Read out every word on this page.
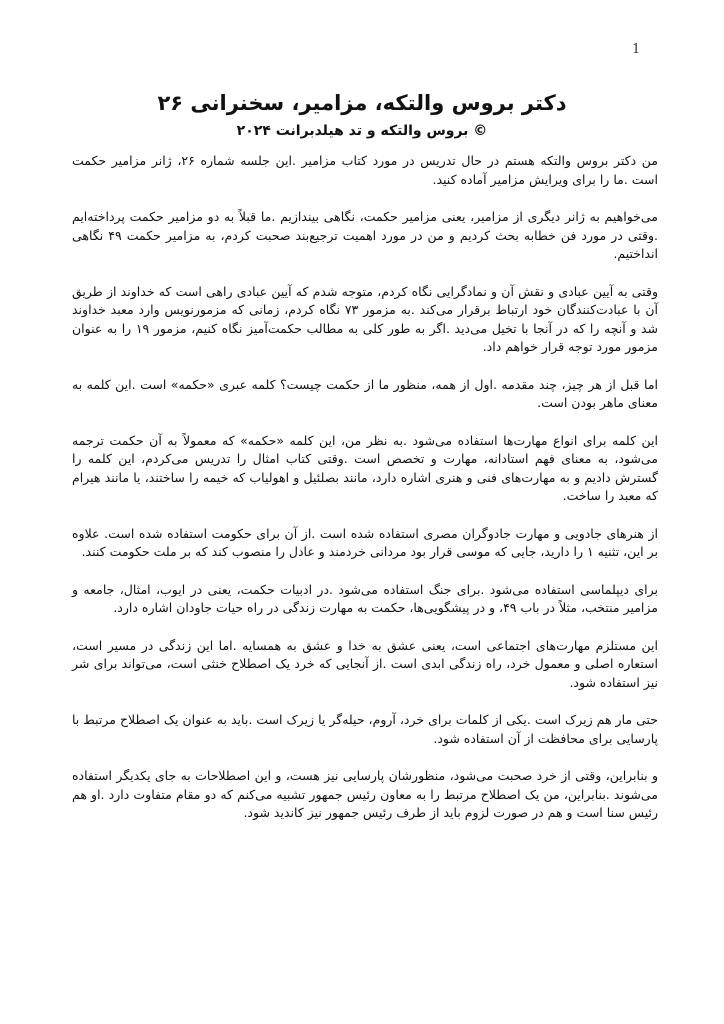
1
دکتر بروس والتکه، مزامیر، سخنرانی ۲۶
© بروس والتکه و تد هیلدبرانت ۲۰۲۴

من دکتر بروس والتکه هستم در حال تدریس در مورد کتاب مزامیر .این جلسه شماره ۲۶، ژانر مزامیر حکمت است .ما را برای ویرایش مزامیر آماده کنید.

می‌خواهیم به ژانر دیگری از مزامیر، یعنی مزامیر حکمت، نگاهی بیندازیم .ما قبلاً به دو مزامیر حکمت پرداخته‌ایم .وقتی در مورد فن خطابه بحث کردیم و من در مورد اهمیت ترجیع‌بند صحبت کردم، به مزامیر حکمت ۴۹ نگاهی انداختیم.

وقتی به آیین عبادی و نقش آن و نمادگرایی نگاه کردم، متوجه شدم که آیین عبادی راهی است که خداوند از طریق آن با عبادت‌کنندگان خود ارتباط برقرار می‌کند .به مزمور ۷۳ نگاه کردم، زمانی که مزمورنویس وارد معبد خداوند شد و آنچه را که در آنجا با تخیل می‌دید .اگر به طور کلی به مطالب حکمت‌آمیز نگاه کنیم، مزمور ۱۹ را به عنوان مزمور مورد توجه قرار خواهم داد.

اما قبل از هر چیز، چند مقدمه .اول از همه، منظور ما از حکمت چیست؟ کلمه عبری «حکمه» است .این کلمه به معنای ماهر بودن است.

این کلمه برای انواع مهارت‌ها استفاده می‌شود .به نظر من، این کلمه «حکمه» که معمولاً به آن حکمت ترجمه می‌شود، به معنای فهم استادانه، مهارت و تخصص است .وقتی کتاب امثال را تدریس می‌کردم، این کلمه را گسترش دادیم و به مهارت‌های فنی و هنری اشاره دارد، مانند بصلئیل و اهولیاب که خیمه را ساختند، یا مانند هیرام که معبد را ساخت.

از هنرهای جادویی و مهارت جادوگران مصری استفاده شده است .از آن برای حکومت استفاده شده است. علاوه بر این، تثنیه ۱ را دارید، جایی که موسی قرار بود مردانی خردمند و عادل را منصوب کند که بر ملت حکومت کنند.

برای دیپلماسی استفاده می‌شود .برای جنگ استفاده می‌شود .در ادبیات حکمت، یعنی در ایوب، امثال، جامعه و مزامیر منتخب، مثلاً در باب ۴۹، و در پیشگویی‌ها، حکمت به مهارت زندگی در راه حیات جاودان اشاره دارد.

این مستلزم مهارت‌های اجتماعی است، یعنی عشق به خدا و عشق به همسایه .اما این زندگی در مسیر است، استعاره اصلی و معمول خرد، راه زندگی ابدی است .از آنجایی که خرد یک اصطلاح خنثی است، می‌تواند برای شر نیز استفاده شود.

حتی مار هم زیرک است .یکی از کلمات برای خرد، آروم، حیله‌گر یا زیرک است .باید به عنوان یک اصطلاح مرتبط با پارسایی برای محافظت از آن استفاده شود.

و بنابراین، وقتی از خرد صحبت می‌شود، منظورشان پارسایی نیز هست، و این اصطلاحات به جای یکدیگر استفاده می‌شوند .بنابراین، من یک اصطلاح مرتبط را به معاون رئیس جمهور تشبیه می‌کنم که دو مقام متفاوت دارد .او هم رئیس سنا است و هم در صورت لزوم باید از طرف رئیس جمهور نیز کاندید شود.
